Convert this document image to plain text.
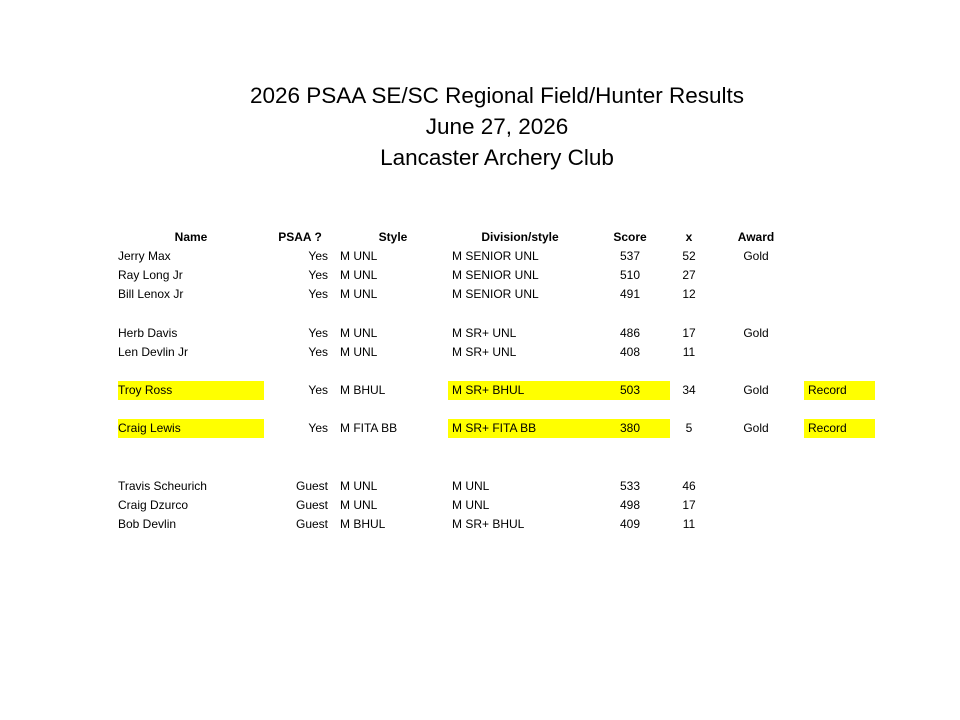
2026 PSAA SE/SC Regional Field/Hunter Results
June 27, 2026
Lancaster Archery Club
Name	PSAA ?	Style	Division/style	Score	x	Award	
Jerry Max	Yes	M UNL	M SENIOR UNL	537	52	Gold	
Ray Long Jr	Yes	M UNL	M SENIOR UNL	510	27		
Bill Lenox Jr	Yes	M UNL	M SENIOR UNL	491	12		

Herb Davis	Yes	M UNL	M SR+ UNL	486	17	Gold	
Len Devlin Jr	Yes	M UNL	M SR+ UNL	408	11		

Troy Ross	Yes	M BHUL	M SR+ BHUL	503	34	Gold	Record

Craig Lewis	Yes	M FITA BB	M SR+ FITA BB	380	5	Gold	Record

Travis Scheurich	Guest	M UNL	M UNL	533	46		
Craig Dzurco	Guest	M UNL	M UNL	498	17		
Bob Devlin	Guest	M BHUL	M SR+ BHUL	409	11		
